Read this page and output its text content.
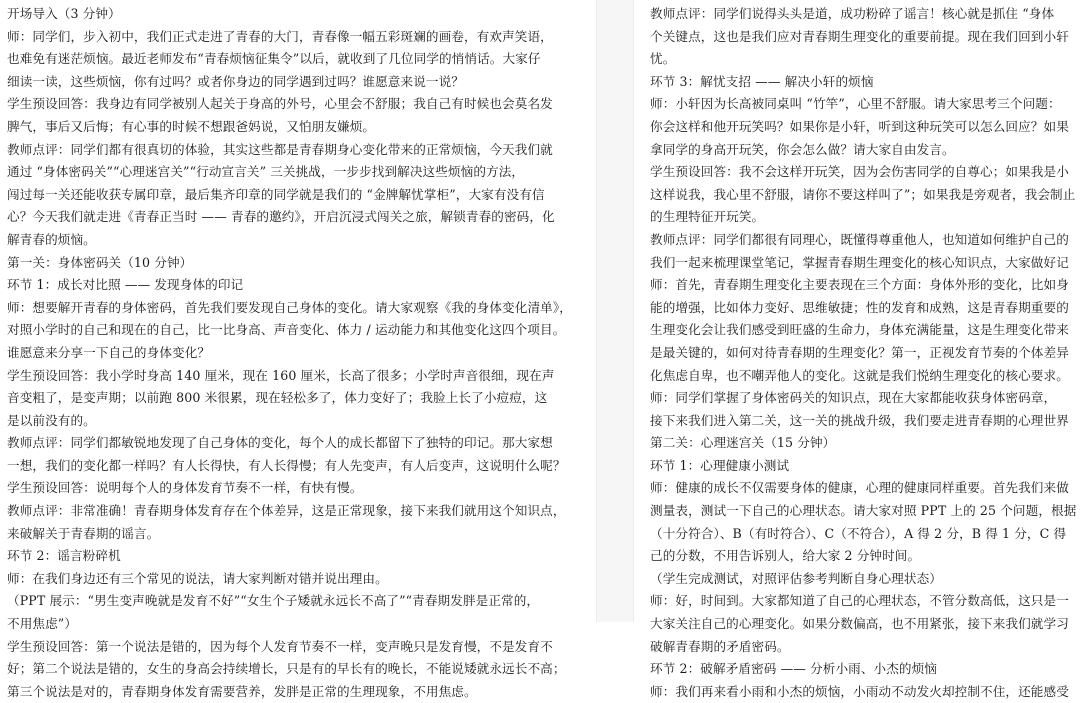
开场导入（3 分钟）
师：同学们，步入初中，我们正式走进了青春的大门，青春像一幅五彩斑斓的画卷，有欢声笑语，
也难免有迷茫烦恼。最近老师发布“青春烦恼征集令”以后，就收到了几位同学的悄悄话。大家仔
细读一读，这些烦恼，你有过吗？或者你身边的同学遇到过吗？谁愿意来说一说？
学生预设回答：我身边有同学被别人起关于身高的外号，心里会不舒服；我自己有时候也会莫名发
脾气，事后又后悔；有心事的时候不想跟爸妈说，又怕朋友嫌烦。
教师点评：同学们都有很真切的体验，其实这些都是青春期身心变化带来的正常烦恼，今天我们就
通过 “身体密码关”“心理迷宫关”“行动宣言关” 三关挑战，一步步找到解决这些烦恼的方法，
闯过每一关还能收获专属印章，最后集齐印章的同学就是我们的 “金牌解忧掌柜”，大家有没有信
心？今天我们就走进《青春正当时 —— 青春的邀约》，开启沉浸式闯关之旅，解锁青春的密码，化
解青春的烦恼。
第一关：身体密码关（10 分钟）
环节 1：成长对比照 —— 发现身体的印记
师：想要解开青春的身体密码，首先我们要发现自己身体的变化。请大家观察《我的身体变化清单》，
对照小学时的自己和现在的自己，比一比身高、声音变化、体力 / 运动能力和其他变化这四个项目。
谁愿意来分享一下自己的身体变化？
学生预设回答：我小学时身高 140 厘米，现在 160 厘米，长高了很多；小学时声音很细，现在声
音变粗了，是变声期；以前跑 800 米很累，现在轻松多了，体力变好了；我脸上长了小痘痘，这
是以前没有的。
教师点评：同学们都敏锐地发现了自己身体的变化，每个人的成长都留下了独特的印记。那大家想
一想，我们的变化都一样吗？有人长得快，有人长得慢；有人先变声，有人后变声，这说明什么呢？
学生预设回答：说明每个人的身体发育节奏不一样，有快有慢。
教师点评：非常准确！青春期身体发育存在个体差异，这是正常现象，接下来我们就用这个知识点，
来破解关于青春期的谣言。
环节 2：谣言粉碎机
师：在我们身边还有三个常见的说法，请大家判断对错并说出理由。
（PPT 展示：“男生变声晚就是发育不好”“女生个子矮就永远长不高了”“青春期发胖是正常的，
不用焦虑”）
学生预设回答：第一个说法是错的，因为每个人发育节奏不一样，变声晚只是发育慢，不是发育不
好；第二个说法是错的，女生的身高会持续增长，只是有的早长有的晚长，不能说矮就永远长不高；
第三个说法是对的，青春期身体发育需要营养，发胖是正常的生理现象，不用焦虑。
教师点评：同学们说得头头是道，成功粉碎了谣言！核心就是抓住 “身体
个关键点，这也是我们应对青春期生理变化的重要前提。现在我们回到小轩
忧。
环节 3：解忧支招 —— 解决小轩的烦恼
师：小轩因为长高被同桌叫 “竹竿”，心里不舒服。请大家思考三个问题：
你会这样和他开玩笑吗？如果你是小轩，听到这种玩笑可以怎么回应？如果
拿同学的身高开玩笑，你会怎么做？请大家自由发言。
学生预设回答：我不会这样开玩笑，因为会伤害同学的自尊心；如果我是小
这样说我，我心里不舒服，请你不要这样叫了”；如果我是旁观者，我会制止
的生理特征开玩笑。
教师点评：同学们都很有同理心，既懂得尊重他人，也知道如何维护自己的
我们一起来梳理课堂笔记，掌握青春期生理变化的核心知识点，大家做好记
师：首先，青春期生理变化主要表现在三个方面：身体外形的变化，比如身
能的增强，比如体力变好、思维敏捷；性的发育和成熟，这是青春期重要的
生理变化会让我们感受到旺盛的生命力，身体充满能量，这是生理变化带来
是最关键的，如何对待青春期的生理变化？第一，正视发育节奏的个体差异
化焦虑自卑，也不嘲弄他人的变化。这就是我们悦纳生理变化的核心要求。
师：同学们掌握了身体密码关的知识点，现在大家都能收获身体密码章，
接下来我们进入第二关，这一关的挑战升级，我们要走进青春期的心理世界
第二关：心理迷宫关（15 分钟）
环节 1：心理健康小测试
师：健康的成长不仅需要身体的健康，心理的健康同样重要。首先我们来做
测量表，测试一下自己的心理状态。请大家对照 PPT 上的 25 个问题，根据
（十分符合）、B（有时符合）、C（不符合），A 得 2 分，B 得 1 分，C 得
己的分数，不用告诉别人，给大家 2 分钟时间。
（学生完成测试，对照评估参考判断自身心理状态）
师：好，时间到。大家都知道了自己的心理状态，不管分数高低，这只是一
大家关注自己的心理变化。如果分数偏高，也不用紧张，接下来我们就学习
破解青春期的矛盾密码。
环节 2：破解矛盾密码 —— 分析小雨、小杰的烦恼
师：我们再来看小雨和小杰的烦恼，小雨动不动发火却控制不住，还能感受
